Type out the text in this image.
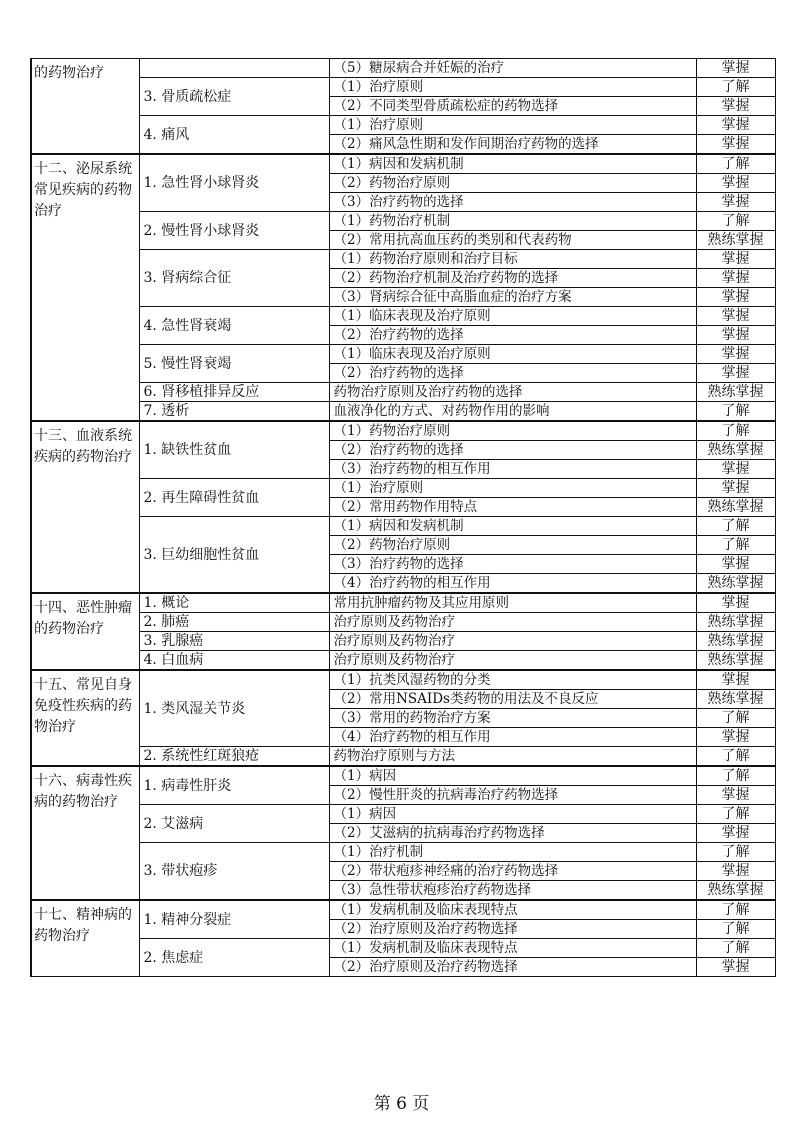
的药物治疗		（5）糖尿病合并妊娠的治疗	掌握
	3. 骨质疏松症	（1）治疗原则	了解
		（2）不同类型骨质疏松症的药物选择	掌握
	4. 痛风	（1）治疗原则	掌握
		（2）痛风急性期和发作间期治疗药物的选择	掌握
十二、泌尿系统常见疾病的药物治疗	1. 急性肾小球肾炎	（1）病因和发病机制	了解
		（2）药物治疗原则	掌握
		（3）治疗药物的选择	掌握
	2. 慢性肾小球肾炎	（1）药物治疗机制	了解
		（2）常用抗高血压药的类别和代表药物	熟练掌握
	3. 肾病综合征	（1）药物治疗原则和治疗目标	掌握
		（2）药物治疗机制及治疗药物的选择	掌握
		（3）肾病综合征中高脂血症的治疗方案	掌握
	4. 急性肾衰竭	（1）临床表现及治疗原则	掌握
		（2）治疗药物的选择	掌握
	5. 慢性肾衰竭	（1）临床表现及治疗原则	掌握
		（2）治疗药物的选择	掌握
	6. 肾移植排异反应	药物治疗原则及治疗药物的选择	熟练掌握
	7. 透析	血液净化的方式、对药物作用的影响	了解
十三、血液系统疾病的药物治疗	1. 缺铁性贫血	（1）药物治疗原则	了解
		（2）治疗药物的选择	熟练掌握
		（3）治疗药物的相互作用	掌握
	2. 再生障碍性贫血	（1）治疗原则	掌握
		（2）常用药物作用特点	熟练掌握
	3. 巨幼细胞性贫血	（1）病因和发病机制	了解
		（2）药物治疗原则	了解
		（3）治疗药物的选择	掌握
		（4）治疗药物的相互作用	熟练掌握
十四、恶性肿瘤的药物治疗	1. 概论	常用抗肿瘤药物及其应用原则	掌握
	2. 肺癌	治疗原则及药物治疗	熟练掌握
	3. 乳腺癌	治疗原则及药物治疗	熟练掌握
	4. 白血病	治疗原则及药物治疗	熟练掌握
十五、常见自身免疫性疾病的药物治疗	1. 类风湿关节炎	（1）抗类风湿药物的分类	掌握
		（2）常用NSAIDs类药物的用法及不良反应	熟练掌握
		（3）常用的药物治疗方案	了解
		（4）治疗药物的相互作用	掌握
	2. 系统性红斑狼疮	药物治疗原则与方法	了解
十六、病毒性疾病的药物治疗	1. 病毒性肝炎	（1）病因	了解
		（2）慢性肝炎的抗病毒治疗药物选择	掌握
	2. 艾滋病	（1）病因	了解
		（2）艾滋病的抗病毒治疗药物选择	掌握
	3. 带状疱疹	（1）治疗机制	了解
		（2）带状疱疹神经痛的治疗药物选择	掌握
		（3）急性带状疱疹治疗药物选择	熟练掌握
十七、精神病的药物治疗	1. 精神分裂症	（1）发病机制及临床表现特点	了解
		（2）治疗原则及治疗药物选择	了解
	2. 焦虑症	（1）发病机制及临床表现特点	了解
		（2）治疗原则及治疗药物选择	掌握
第 6 页
